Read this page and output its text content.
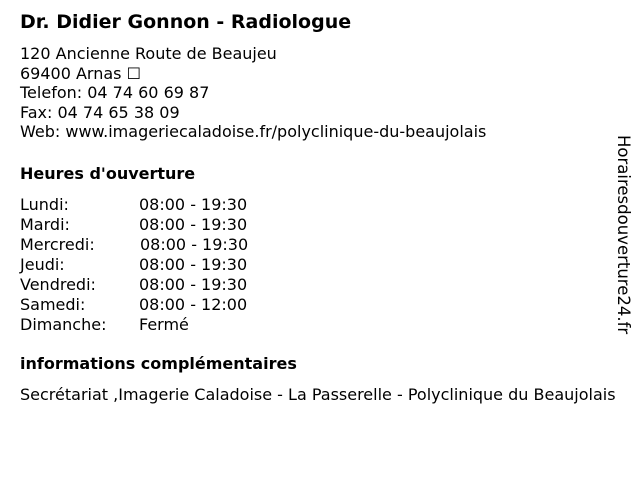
Dr. Didier Gonnon - Radiologue
120 Ancienne Route de Beaujeu
69400 Arnas ☐
Telefon: 04 74 60 69 87
Fax: 04 74 65 38 09
Web: www.imageriecaladoise.fr/polyclinique-du-beaujolais
Heures d'ouverture
Lundi:	08:00 - 19:30
Mardi:	08:00 - 19:30
Mercredi:	08:00 - 19:30
Jeudi:	08:00 - 19:30
Vendredi:	08:00 - 19:30
Samedi:	08:00 - 12:00
Dimanche:	Fermé
informations complémentaires
Secrétariat ,Imagerie Caladoise - La Passerelle - Polyclinique du Beaujolais
Horairesdouverture24.fr
